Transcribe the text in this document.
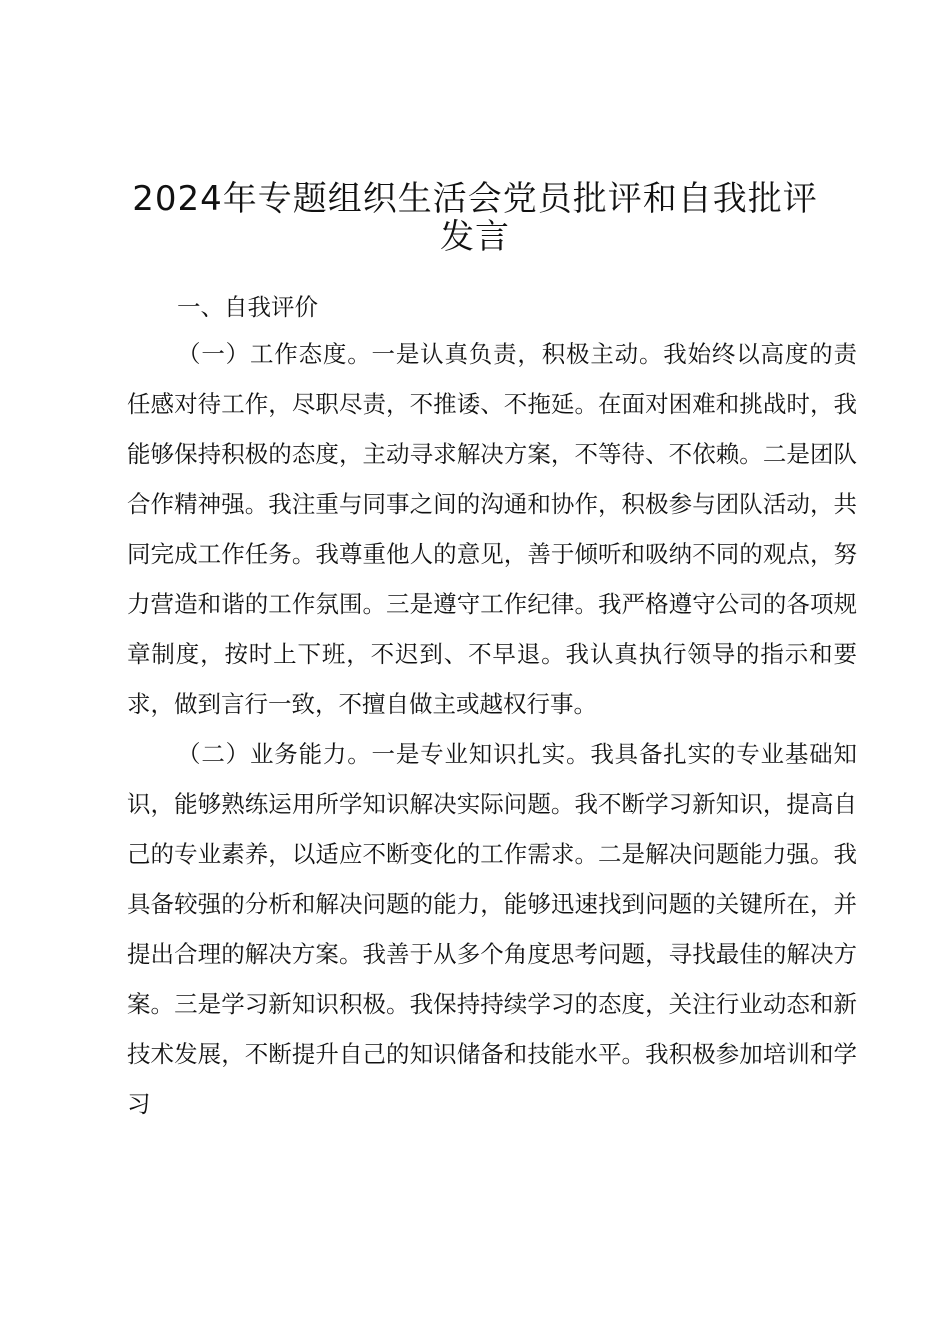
2024年专题组织生活会党员批评和自我批评
发言

一、自我评价

（一）工作态度。一是认真负责，积极主动。我始终以高度的责任感对待工作，尽职尽责，不推诿、不拖延。在面对困难和挑战时，我能够保持积极的态度，主动寻求解决方案，不等待、不依赖。二是团队合作精神强。我注重与同事之间的沟通和协作，积极参与团队活动，共同完成工作任务。我尊重他人的意见，善于倾听和吸纳不同的观点，努力营造和谐的工作氛围。三是遵守工作纪律。我严格遵守公司的各项规章制度，按时上下班，不迟到、不早退。我认真执行领导的指示和要求，做到言行一致，不擅自做主或越权行事。

（二）业务能力。一是专业知识扎实。我具备扎实的专业基础知识，能够熟练运用所学知识解决实际问题。我不断学习新知识，提高自己的专业素养，以适应不断变化的工作需求。二是解决问题能力强。我具备较强的分析和解决问题的能力，能够迅速找到问题的关键所在，并提出合理的解决方案。我善于从多个角度思考问题，寻找最佳的解决方案。三是学习新知识积极。我保持持续学习的态度，关注行业动态和新技术发展，不断提升自己的知识储备和技能水平。我积极参加培训和学习
